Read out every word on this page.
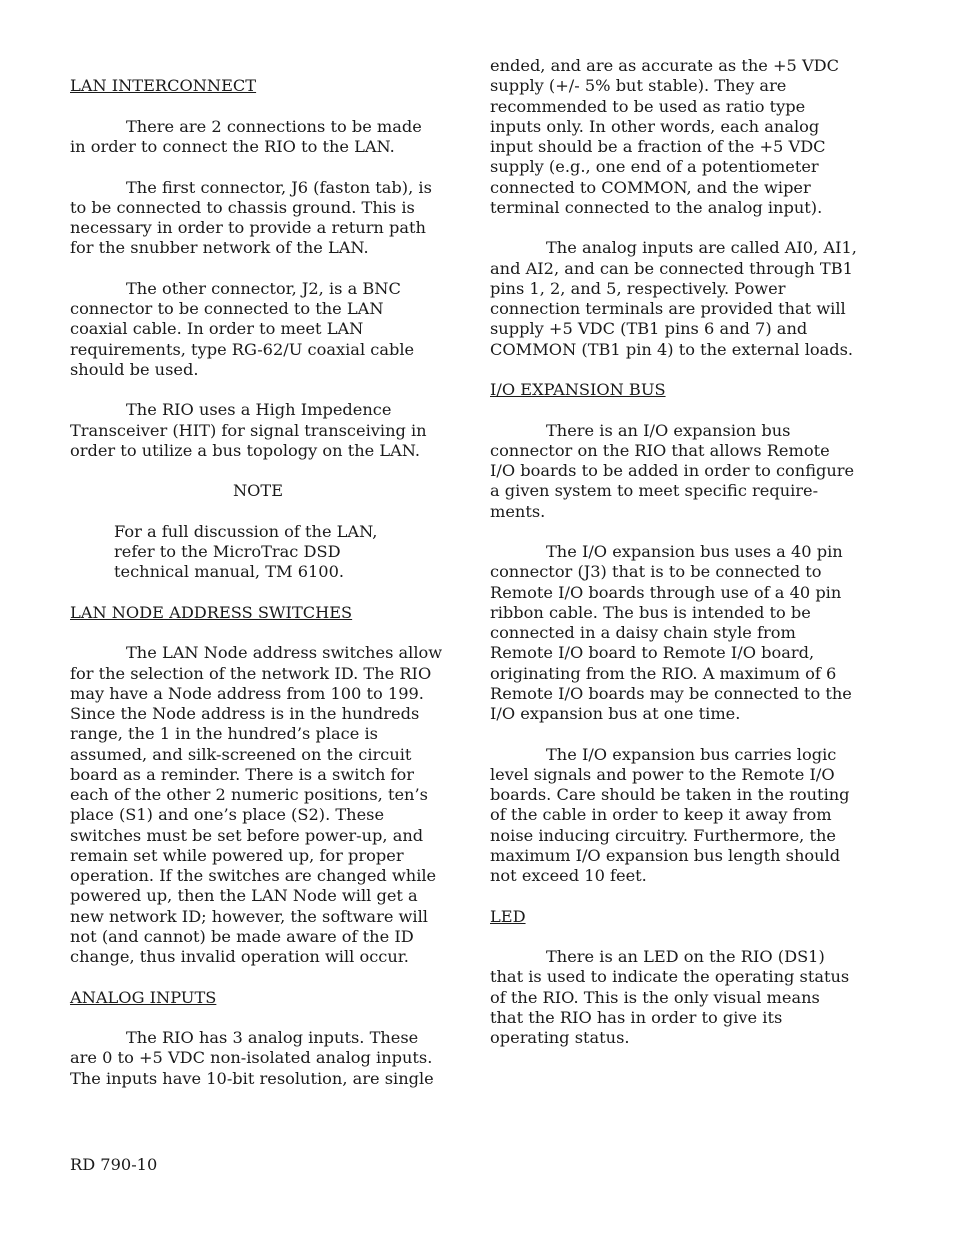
LAN INTERCONNECT

There are 2 connections to be made
in order to connect the RIO to the LAN.

The first connector, J6 (faston tab), is
to be connected to chassis ground. This is
necessary in order to provide a return path
for the snubber network of the LAN.

The other connector, J2, is a BNC
connector to be connected to the LAN
coaxial cable. In order to meet LAN
requirements, type RG-62/U coaxial cable
should be used.

The RIO uses a High Impedence
Transceiver (HIT) for signal transceiving in
order to utilize a bus topology on the LAN.

NOTE
For a full discussion of the LAN,
refer to the MicroTrac DSD
technical manual, TM 6100.
LAN NODE ADDRESS SWITCHES

The LAN Node address switches allow
for the selection of the network ID. The RIO
may have a Node address from 100 to 199.
Since the Node address is in the hundreds
range, the 1 in the hundred’s place is
assumed, and silk-screened on the circuit
board as a reminder. There is a switch for
each of the other 2 numeric positions, ten’s
place (S1) and one’s place (S2). These
switches must be set before power-up, and
remain set while powered up, for proper
operation. If the switches are changed while
powered up, then the LAN Node will get a
new network ID; however, the software will
not (and cannot) be made aware of the ID
change, thus invalid operation will occur.

ANALOG INPUTS

The RIO has 3 analog inputs. These
are 0 to +5 VDC non-isolated analog inputs.
The inputs have 10-bit resolution, are single

ended, and are as accurate as the +5 VDC
supply (+/- 5% but stable). They are
recommended to be used as ratio type
inputs only. In other words, each analog
input should be a fraction of the +5 VDC
supply (e.g., one end of a potentiometer
connected to COMMON, and the wiper
terminal connected to the analog input).

The analog inputs are called AI0, AI1,
and AI2, and can be connected through TB1
pins 1, 2, and 5, respectively. Power
connection terminals are provided that will
supply +5 VDC (TB1 pins 6 and 7) and
COMMON (TB1 pin 4) to the external loads.

I/O EXPANSION BUS

There is an I/O expansion bus
connector on the RIO that allows Remote
I/O boards to be added in order to configure
a given system to meet specific require-
ments.

The I/O expansion bus uses a 40 pin
connector (J3) that is to be connected to
Remote I/O boards through use of a 40 pin
ribbon cable. The bus is intended to be
connected in a daisy chain style from
Remote I/O board to Remote I/O board,
originating from the RIO. A maximum of 6
Remote I/O boards may be connected to the
I/O expansion bus at one time.

The I/O expansion bus carries logic
level signals and power to the Remote I/O
boards. Care should be taken in the routing
of the cable in order to keep it away from
noise inducing circuitry. Furthermore, the
maximum I/O expansion bus length should
not exceed 10 feet.

LED

There is an LED on the RIO (DS1)
that is used to indicate the operating status
of the RIO. This is the only visual means
that the RIO has in order to give its
operating status.

RD 790-10
